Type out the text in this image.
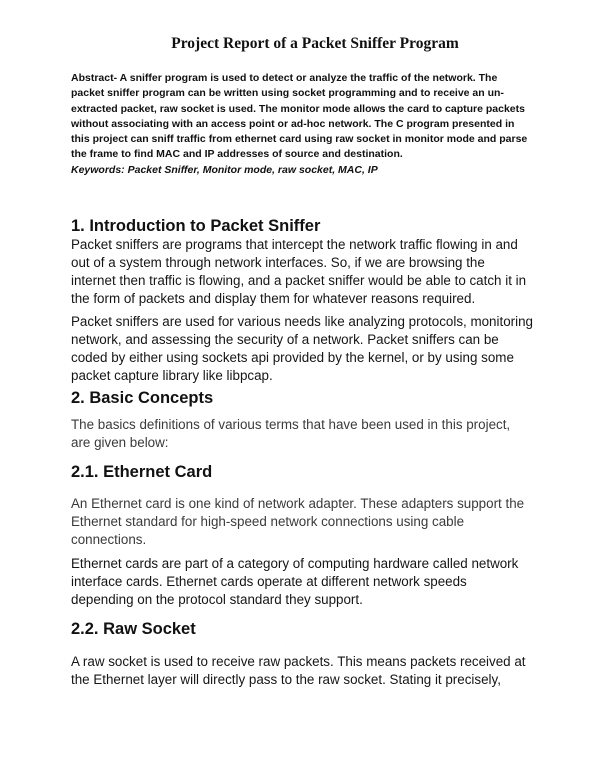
Project Report of a Packet Sniffer Program

Abstract- A sniffer program is used to detect or analyze the traffic of the network. The packet sniffer program can be written using socket programming and to receive an un-extracted packet, raw socket is used. The monitor mode allows the card to capture packets without associating with an access point or ad-hoc network. The C program presented in this project can sniff traffic from ethernet card using raw socket in monitor mode and parse the frame to find MAC and IP addresses of source and destination.

Keywords: Packet Sniffer, Monitor mode, raw socket, MAC, IP

1. Introduction to Packet Sniffer

Packet sniffers are programs that intercept the network traffic flowing in and out of a system through network interfaces. So, if we are browsing the internet then traffic is flowing, and a packet sniffer would be able to catch it in the form of packets and display them for whatever reasons required.

Packet sniffers are used for various needs like analyzing protocols, monitoring network, and assessing the security of a network. Packet sniffers can be coded by either using sockets api provided by the kernel, or by using some packet capture library like libpcap.

2. Basic Concepts

The basics definitions of various terms that have been used in this project, are given below:

2.1. Ethernet Card

An Ethernet card is one kind of network adapter. These adapters support the Ethernet standard for high-speed network connections using cable connections.

Ethernet cards are part of a category of computing hardware called network interface cards. Ethernet cards operate at different network speeds depending on the protocol standard they support.

2.2. Raw Socket

A raw socket is used to receive raw packets. This means packets received at the Ethernet layer will directly pass to the raw socket. Stating it precisely,
